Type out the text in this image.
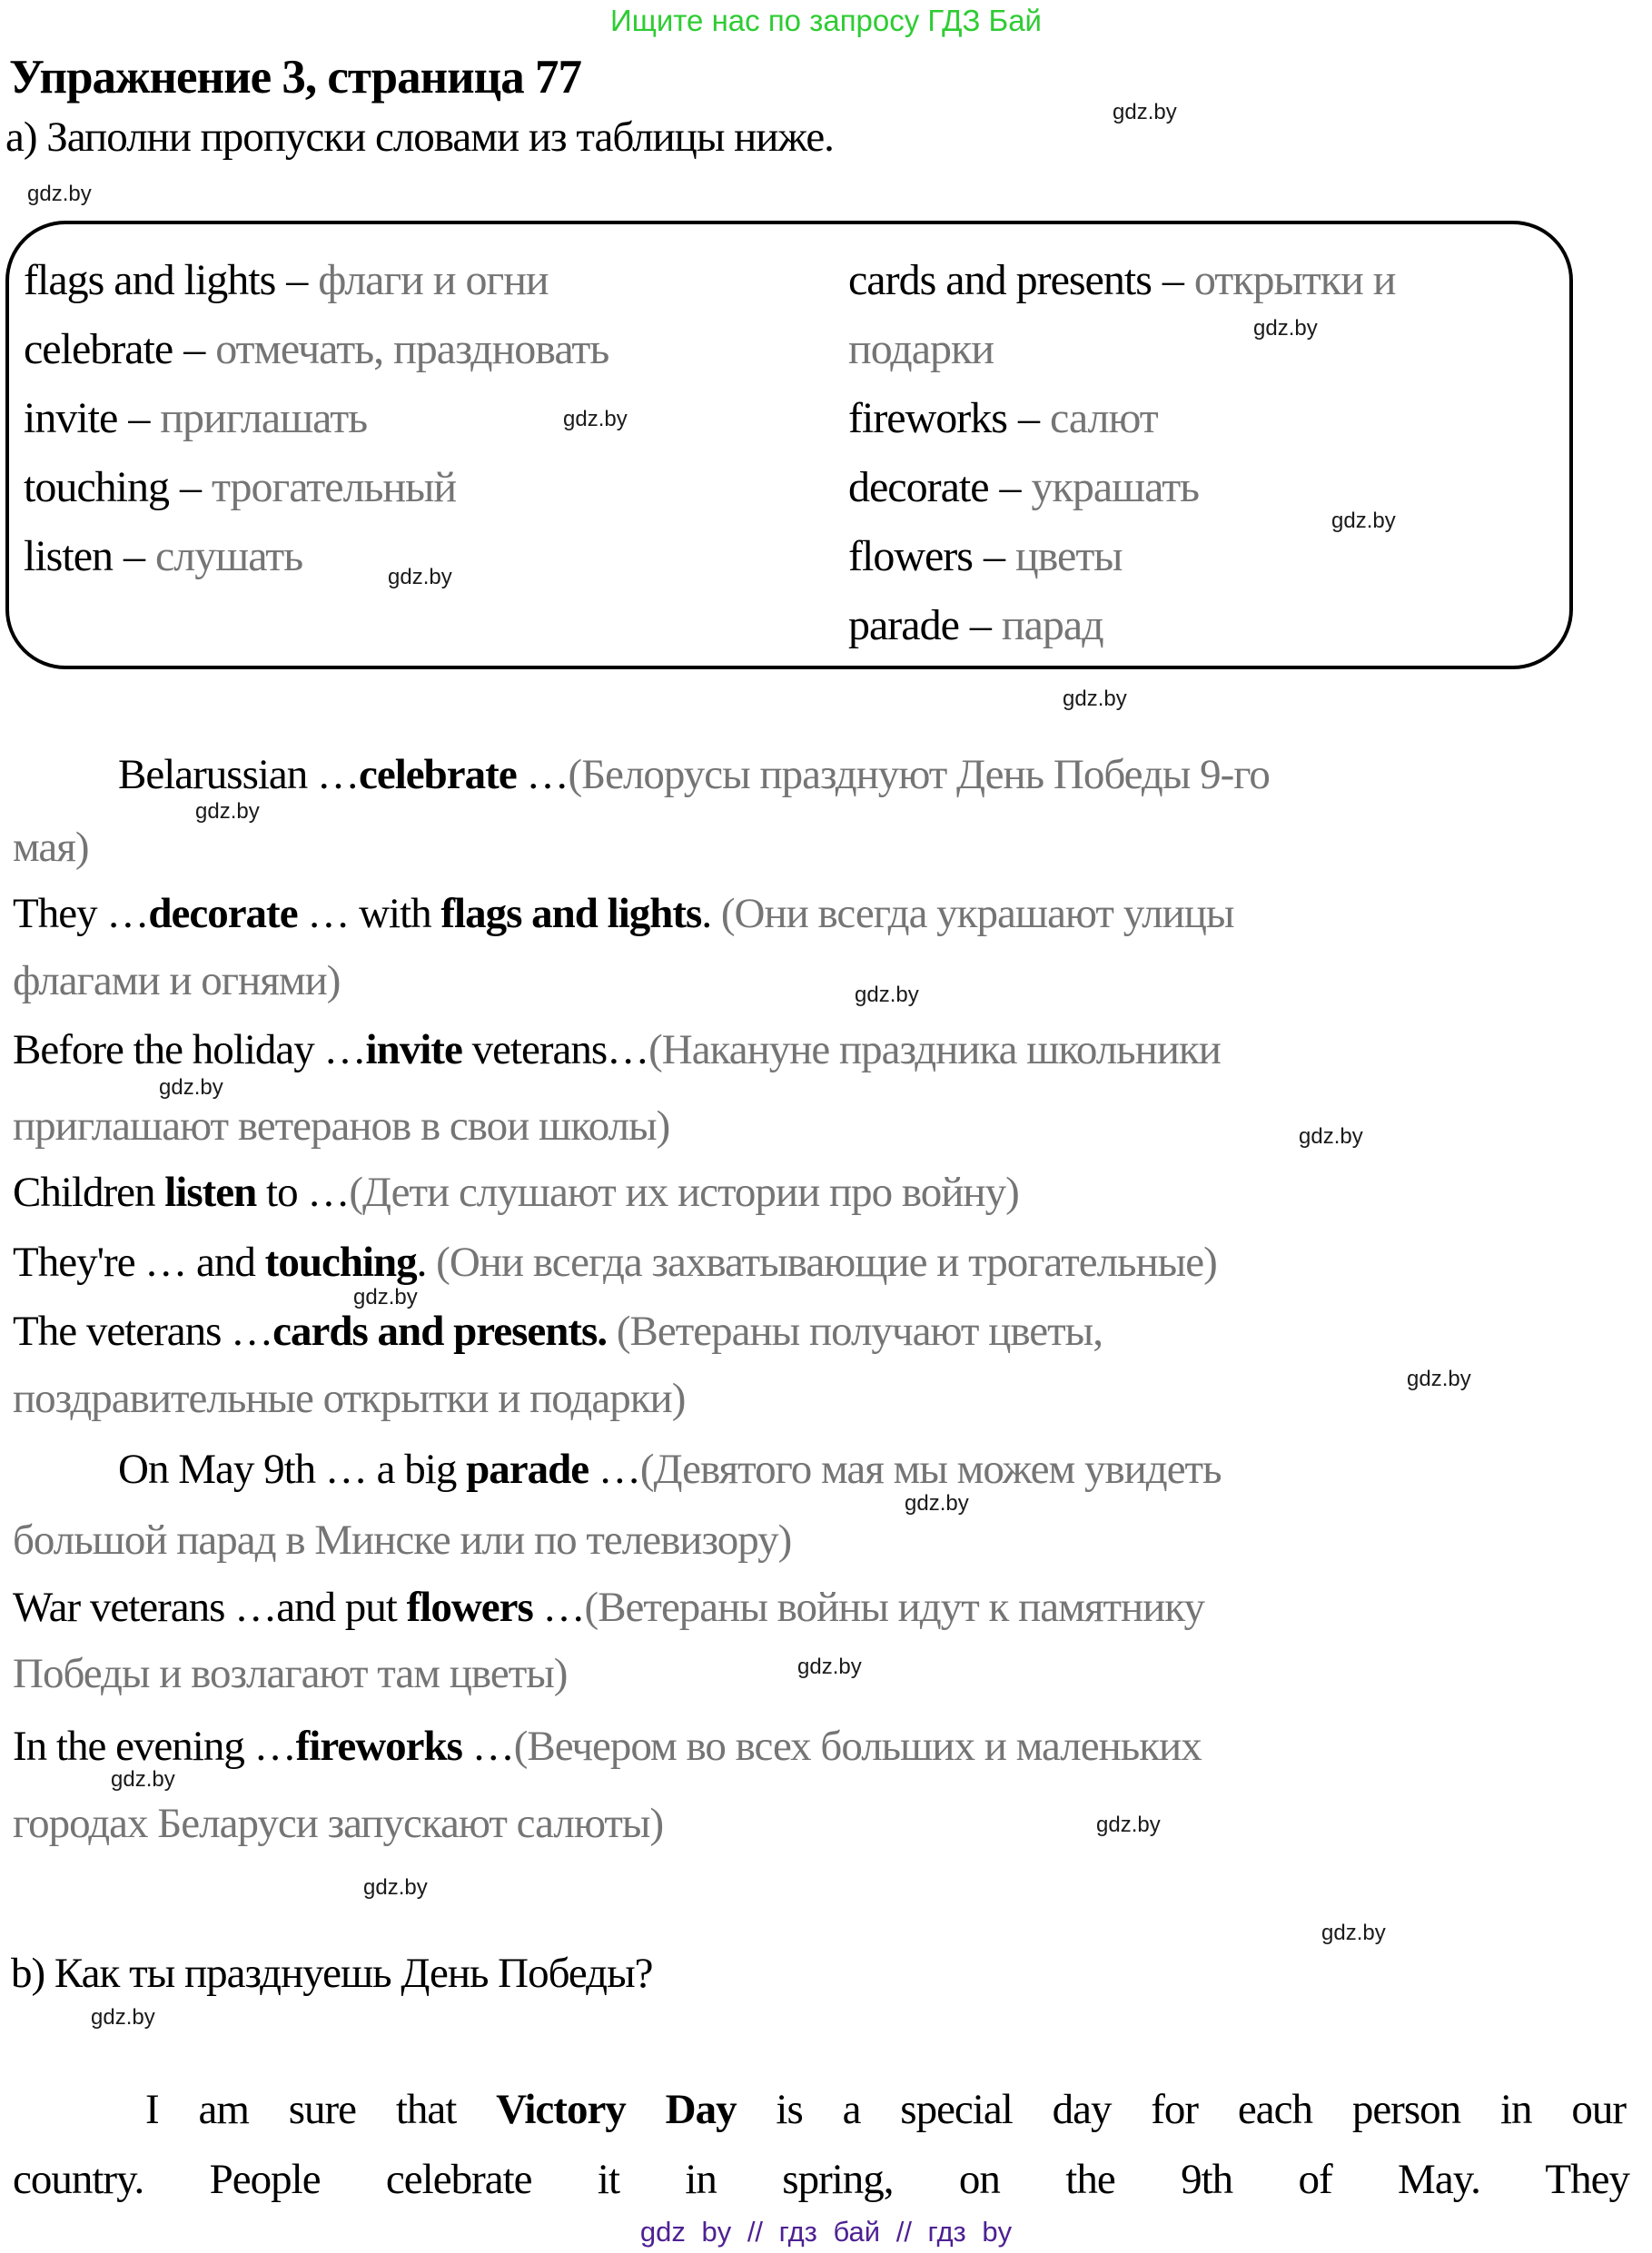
Ищите нас по запросу ГДЗ Бай
Упражнение 3, страница 77
а) Заполни пропуски словами из таблицы ниже.
flags and lights – флаги и огни
celebrate – отмечать, праздновать
invite – приглашать
touching – трогательный
listen – слушать
cards and presents – открытки и подарки
fireworks – салют
decorate – украшать
flowers – цветы
parade – парад
Belarussian …celebrate …(Белорусы празднуют День Победы 9-го
мая)
They …decorate … with flags and lights. (Они всегда украшают улицы
флагами и огнями)
Before the holiday …invite veterans…(Накануне праздника школьники
приглашают ветеранов в свои школы)
Children listen to …(Дети слушают их истории про войну)
They're … and touching. (Они всегда захватывающие и трогательные)
The veterans …cards and presents. (Ветераны получают цветы,
поздравительные открытки и подарки)
On May 9th … a big parade …(Девятого мая мы можем увидеть
большой парад в Минске или по телевизору)
War veterans …and put flowers …(Ветераны войны идут к памятнику
Победы и возлагают там цветы)
In the evening …fireworks …(Вечером во всех больших и маленьких
городах Беларуси запускают салюты)
b) Как ты празднуешь День Победы?
I am sure that Victory Day is a special day for each person in our
country. People celebrate it in spring, on the 9th of May. They
gdz by // гдз бай // гдз by
gdz.by
gdz.by
gdz.by
gdz.by
gdz.by
gdz.by
gdz.by
gdz.by
gdz.by
gdz.by
gdz.by
gdz.by
gdz.by
gdz.by
gdz.by
gdz.by
gdz.by
gdz.by
gdz.by
gdz.by
